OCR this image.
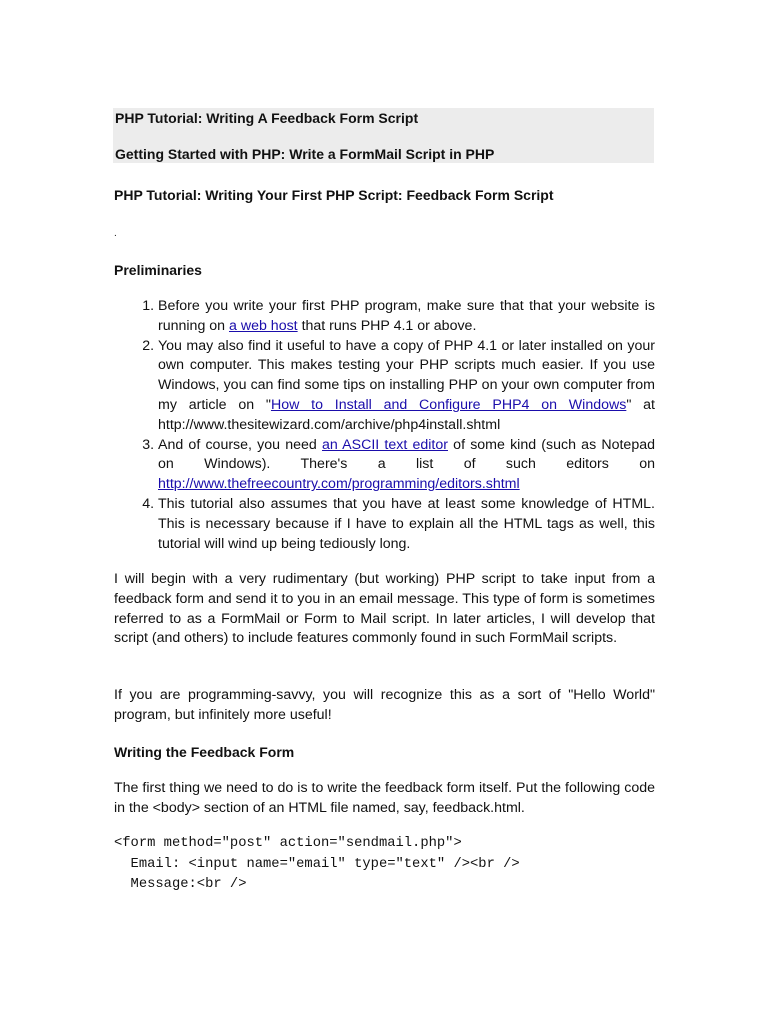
PHP Tutorial: Writing A Feedback Form Script
Getting Started with PHP: Write a FormMail Script in PHP
PHP Tutorial: Writing Your First PHP Script: Feedback Form Script
.
Preliminaries
1. Before you write your first PHP program, make sure that that your website is running on a web host that runs PHP 4.1 or above.
2. You may also find it useful to have a copy of PHP 4.1 or later installed on your own computer. This makes testing your PHP scripts much easier. If you use Windows, you can find some tips on installing PHP on your own computer from my article on "How to Install and Configure PHP4 on Windows" at http://www.thesitewizard.com/archive/php4install.shtml
3. And of course, you need an ASCII text editor of some kind (such as Notepad on Windows). There's a list of such editors on http://www.thefreecountry.com/programming/editors.shtml
4. This tutorial also assumes that you have at least some knowledge of HTML. This is necessary because if I have to explain all the HTML tags as well, this tutorial will wind up being tediously long.
I will begin with a very rudimentary (but working) PHP script to take input from a feedback form and send it to you in an email message. This type of form is sometimes referred to as a FormMail or Form to Mail script. In later articles, I will develop that script (and others) to include features commonly found in such FormMail scripts.
If you are programming-savvy, you will recognize this as a sort of "Hello World" program, but infinitely more useful!
Writing the Feedback Form
The first thing we need to do is to write the feedback form itself. Put the following code in the <body> section of an HTML file named, say, feedback.html.
<form method="post" action="sendmail.php">
Email: <input name="email" type="text" /><br />
Message:<br />
